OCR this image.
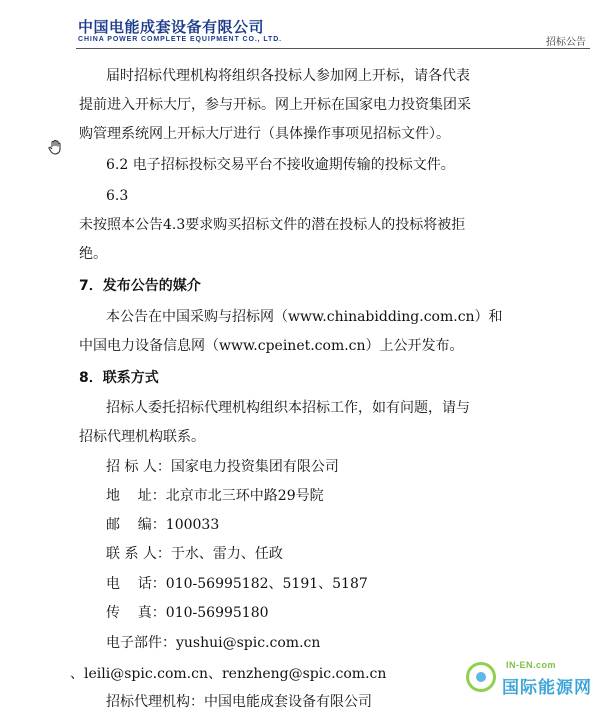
中国电能成套设备有限公司
CHINA POWER COMPLETE EQUIPMENT CO., LTD.	招标公告
届时招标代理机构将组织各投标人参加网上开标，请各代表
提前进入开标大厅，参与开标。网上开标在国家电力投资集团采
购管理系统网上开标大厅进行（具体操作事项见招标文件）。
6.2 电子招标投标交易平台不接收逾期传输的投标文件。
6.3
未按照本公告4.3要求购买招标文件的潜在投标人的投标将被拒
绝。
7．发布公告的媒介
本公告在中国采购与招标网（www.chinabidding.com.cn）和
中国电力设备信息网（www.cpeinet.com.cn）上公开发布。
8．联系方式
招标人委托招标代理机构组织本招标工作，如有问题，请与
招标代理机构联系。
招 标 人：国家电力投资集团有限公司
地    址：北京市北三环中路29号院
邮    编：100033
联 系 人：于水、雷力、任政
电    话：010-56995182、5191、5187
传    真：010-56995180
电子部件：yushui@spic.com.cn
、leili@spic.com.cn、renzheng@spic.com.cn
招标代理机构：中国电能成套设备有限公司
IN-EN.com
国际能源网
